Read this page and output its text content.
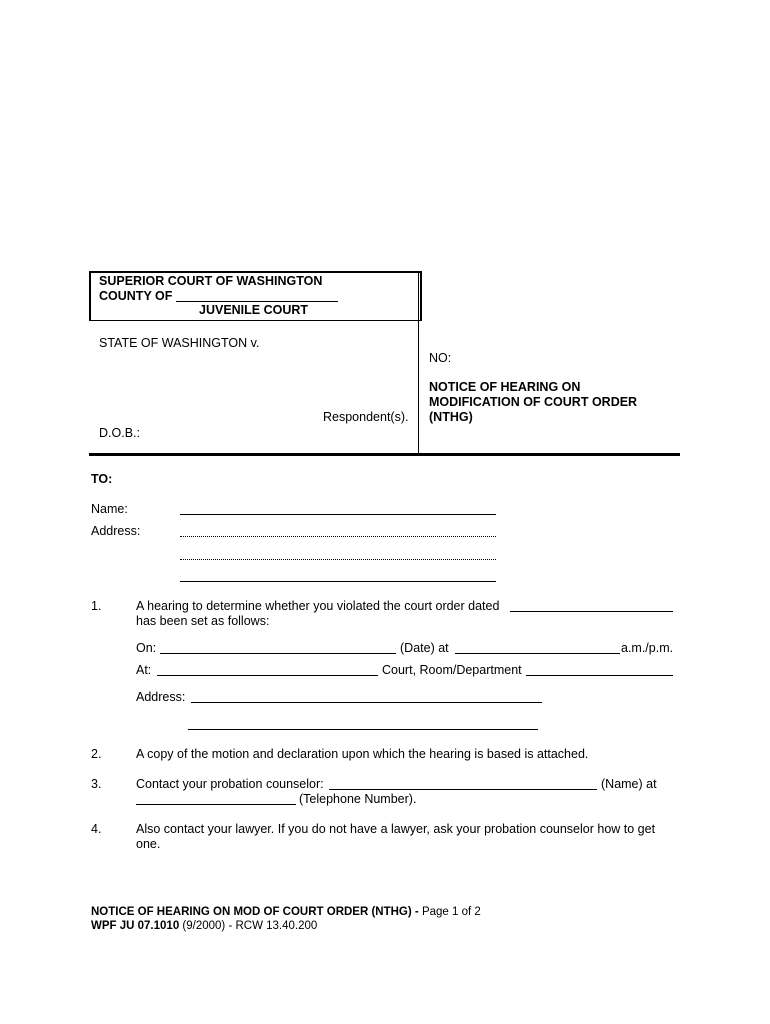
SUPERIOR COURT OF WASHINGTON
COUNTY OF
JUVENILE COURT
STATE OF WASHINGTON v.
Respondent(s).
D.O.B.:
NO:
NOTICE OF HEARING ON
MODIFICATION OF COURT ORDER
(NTHG)
TO:
Name:
Address:
1.	A hearing to determine whether you violated the court order dated
has been set as follows:
On:	(Date) at	a.m./p.m.
At:	Court, Room/Department
Address:
2.	A copy of the motion and declaration upon which the hearing is based is attached.
3.	Contact your probation counselor:	(Name) at
(Telephone Number).
4.	Also contact your lawyer. If you do not have a lawyer, ask your probation counselor how to get
one.
NOTICE OF HEARING ON MOD OF COURT ORDER (NTHG) - Page 1 of 2
WPF JU 07.1010 (9/2000) - RCW 13.40.200
